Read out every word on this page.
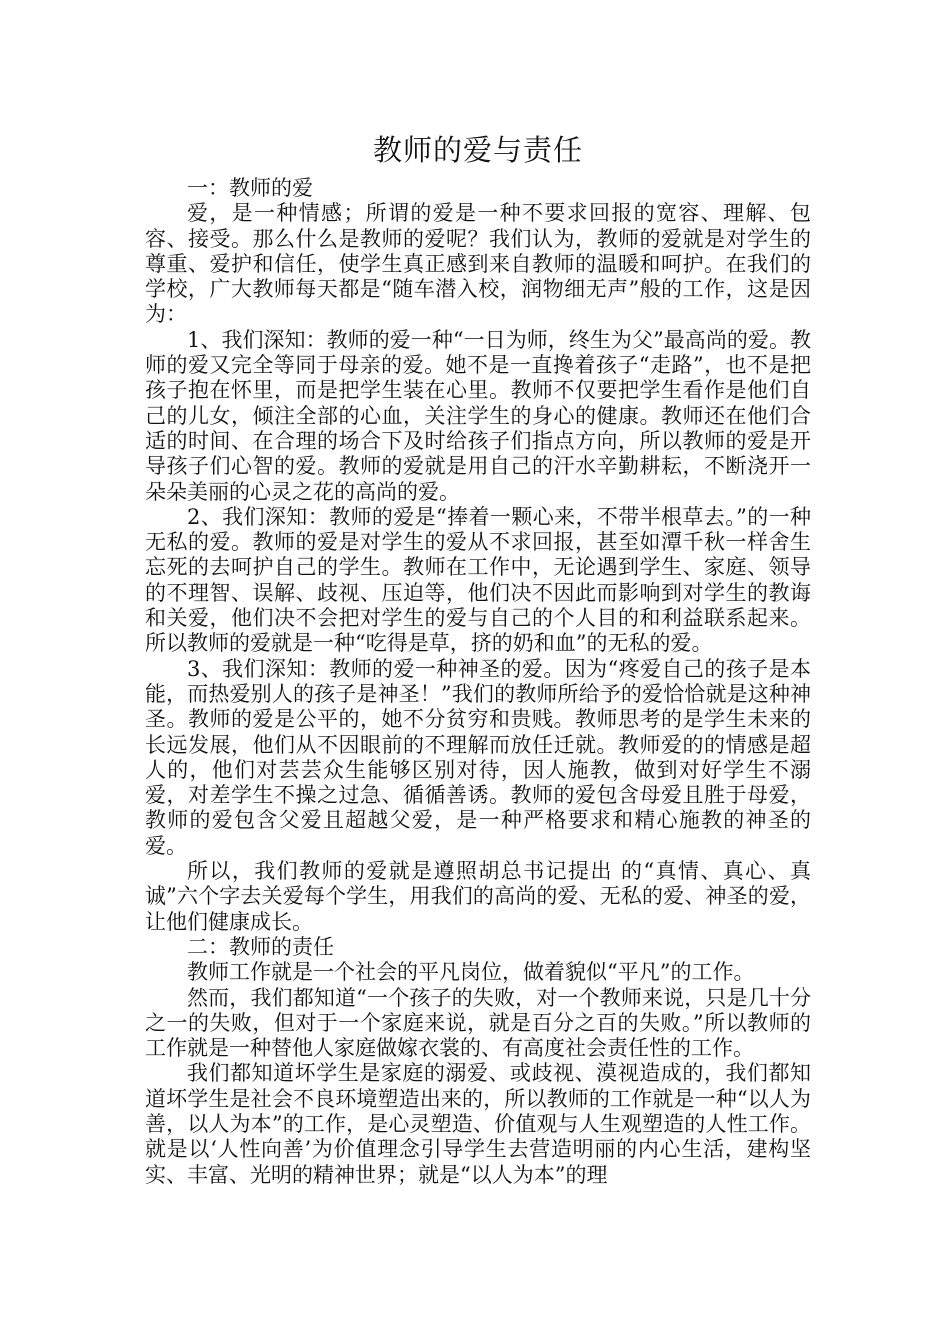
教师的爱与责任

一：教师的爱

爱，是一种情感；所谓的爱是一种不要求回报的宽容、理解、包容、接受。那么什么是教师的爱呢？我们认为，教师的爱就是对学生的尊重、爱护和信任，使学生真正感到来自教师的温暖和呵护。在我们的学校，广大教师每天都是“随车潜入校，润物细无声”般的工作，这是因为：

1、我们深知：教师的爱一种“一日为师，终生为父”最高尚的爱。教师的爱又完全等同于母亲的爱。她不是一直搀着孩子“走路”，也不是把孩子抱在怀里，而是把学生装在心里。教师不仅要把学生看作是他们自己的儿女，倾注全部的心血，关注学生的身心的健康。教师还在他们合适的时间、在合理的场合下及时给孩子们指点方向，所以教师的爱是开导孩子们心智的爱。教师的爱就是用自己的汗水辛勤耕耘，不断浇开一朵朵美丽的心灵之花的高尚的爱。

2、我们深知：教师的爱是“捧着一颗心来，不带半根草去。”的一种无私的爱。教师的爱是对学生的爱从不求回报，甚至如潭千秋一样舍生忘死的去呵护自己的学生。教师在工作中，无论遇到学生、家庭、领导的不理智、误解、歧视、压迫等，他们决不因此而影响到对学生的教诲和关爱，他们决不会把对学生的爱与自己的个人目的和利益联系起来。所以教师的爱就是一种“吃得是草，挤的奶和血”的无私的爱。

3、我们深知：教师的爱一种神圣的爱。因为“疼爱自己的孩子是本能，而热爱别人的孩子是神圣！”我们的教师所给予的爱恰恰就是这种神圣。教师的爱是公平的，她不分贫穷和贵贱。教师思考的是学生未来的长远发展，他们从不因眼前的不理解而放任迁就。教师爱的的情感是超人的，他们对芸芸众生能够区别对待，因人施教，做到对好学生不溺爱，对差学生不操之过急、循循善诱。教师的爱包含母爱且胜于母爱，教师的爱包含父爱且超越父爱，是一种严格要求和精心施教的神圣的爱。

所以，我们教师的爱就是遵照胡总书记提出 的“真情、真心、真诚”六个字去关爱每个学生，用我们的高尚的爱、无私的爱、神圣的爱，让他们健康成长。

二：教师的责任

教师工作就是一个社会的平凡岗位，做着貌似“平凡”的工作。

然而，我们都知道“一个孩子的失败，对一个教师来说，只是几十分之一的失败，但对于一个家庭来说，就是百分之百的失败。”所以教师的工作就是一种替他人家庭做嫁衣裳的、有高度社会责任性的工作。

我们都知道坏学生是家庭的溺爱、或歧视、漠视造成的，我们都知道坏学生是社会不良环境塑造出来的，所以教师的工作就是一种“以人为善，以人为本”的工作，是心灵塑造、价值观与人生观塑造的人性工作。就是以‘人性向善’为价值理念引导学生去营造明丽的内心生活，建构坚实、丰富、光明的精神世界；就是“以人为本”的理
